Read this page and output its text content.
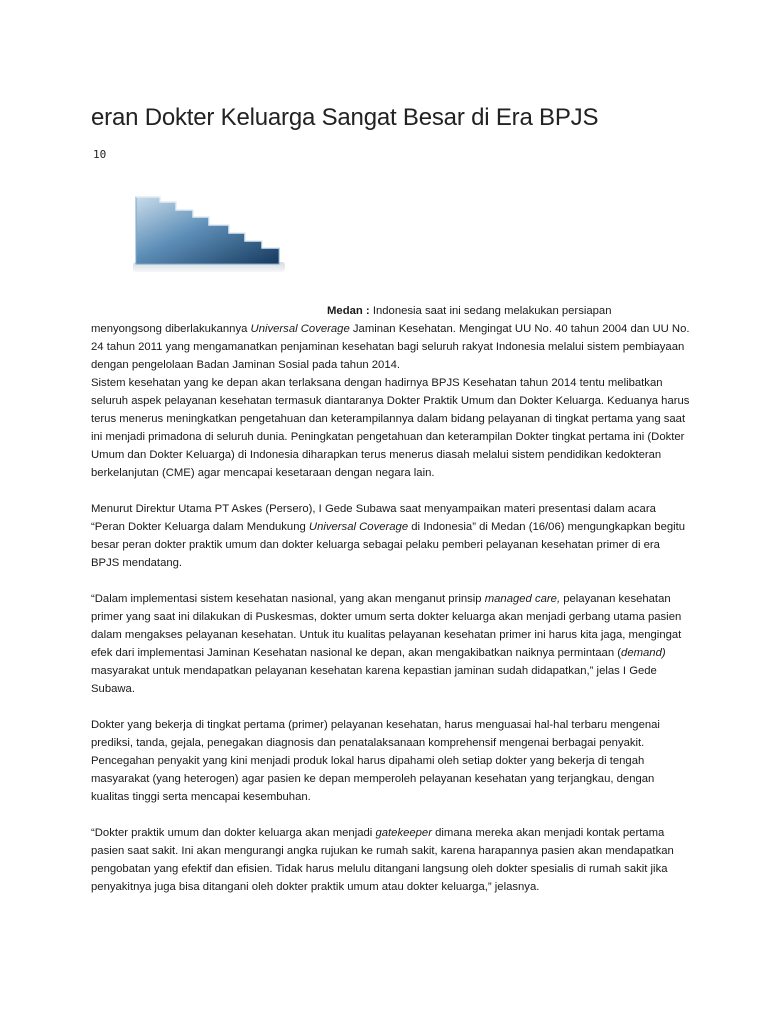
eran Dokter Keluarga Sangat Besar di Era BPJS
10

Medan : Indonesia saat ini sedang melakukan persiapan

menyongsong diberlakukannya Universal Coverage Jaminan Kesehatan. Mengingat UU No. 40 tahun 2004 dan UU No. 24 tahun 2011 yang mengamanatkan penjaminan kesehatan bagi seluruh rakyat Indonesia melalui sistem pembiayaan dengan pengelolaan Badan Jaminan Sosial pada tahun 2014.

Sistem kesehatan yang ke depan akan terlaksana dengan hadirnya BPJS Kesehatan tahun 2014 tentu melibatkan seluruh aspek pelayanan kesehatan termasuk diantaranya Dokter Praktik Umum dan Dokter Keluarga. Keduanya harus terus menerus meningkatkan pengetahuan dan keterampilannya dalam bidang pelayanan di tingkat pertama yang saat ini menjadi primadona di seluruh dunia. Peningkatan pengetahuan dan keterampilan Dokter tingkat pertama ini (Dokter Umum dan Dokter Keluarga) di Indonesia diharapkan terus menerus diasah melalui sistem pendidikan kedokteran berkelanjutan (CME) agar mencapai kesetaraan dengan negara lain.

Menurut Direktur Utama PT Askes (Persero), I Gede Subawa saat menyampaikan materi presentasi dalam acara “Peran Dokter Keluarga dalam Mendukung Universal Coverage di Indonesia” di Medan (16/06) mengungkapkan begitu besar peran dokter praktik umum dan dokter keluarga sebagai pelaku pemberi pelayanan kesehatan primer di era BPJS mendatang.

“Dalam implementasi sistem kesehatan nasional, yang akan menganut prinsip managed care, pelayanan kesehatan primer yang saat ini dilakukan di Puskesmas, dokter umum serta dokter keluarga akan menjadi gerbang utama pasien dalam mengakses pelayanan kesehatan. Untuk itu kualitas pelayanan kesehatan primer ini harus kita jaga, mengingat efek dari implementasi Jaminan Kesehatan nasional ke depan, akan mengakibatkan naiknya permintaan (demand) masyarakat untuk mendapatkan pelayanan kesehatan karena kepastian jaminan sudah didapatkan,” jelas I Gede Subawa.

Dokter yang bekerja di tingkat pertama (primer) pelayanan kesehatan, harus menguasai hal-hal terbaru mengenai prediksi, tanda, gejala, penegakan diagnosis dan penatalaksanaan komprehensif mengenai berbagai penyakit. Pencegahan penyakit yang kini menjadi produk lokal harus dipahami oleh setiap dokter yang bekerja di tengah masyarakat (yang heterogen) agar pasien ke depan memperoleh pelayanan kesehatan yang terjangkau, dengan kualitas tinggi serta mencapai kesembuhan.

“Dokter praktik umum dan dokter keluarga akan menjadi gatekeeper dimana mereka akan menjadi kontak pertama pasien saat sakit. Ini akan mengurangi angka rujukan ke rumah sakit, karena harapannya pasien akan mendapatkan pengobatan yang efektif dan efisien. Tidak harus melulu ditangani langsung oleh dokter spesialis di rumah sakit jika penyakitnya juga bisa ditangani oleh dokter praktik umum atau dokter keluarga,” jelasnya.
